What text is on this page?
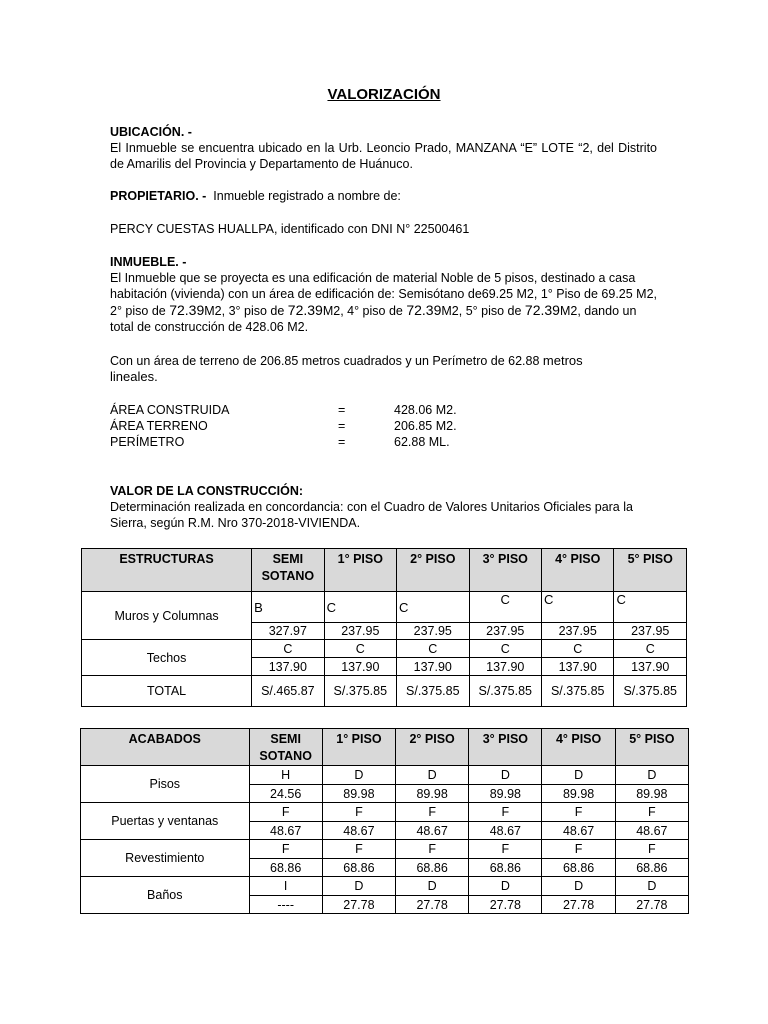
VALORIZACIÓN
UBICACIÓN. -
El Inmueble se encuentra ubicado en la Urb. Leoncio Prado, MANZANA “E” LOTE “2, del Distrito de Amarilis del Provincia y Departamento de Huánuco.
PROPIETARIO. - Inmueble registrado a nombre de:
PERCY CUESTAS HUALLPA, identificado con DNI N° 22500461
INMUEBLE. -
El Inmueble que se proyecta es una edificación de material Noble de 5 pisos, destinado a casa habitación (vivienda) con un área de edificación de: Semisótano de69.25 M2, 1° Piso de 69.25 M2, 2° piso de 72.39M2, 3° piso de 72.39M2, 4° piso de 72.39M2, 5° piso de 72.39M2, dando un total de construcción de 428.06 M2.
Con un área de terreno de 206.85 metros cuadrados y un Perímetro de 62.88 metros lineales.
ÁREA CONSTRUIDA	=	428.06 M2.
ÁREA TERRENO	=	206.85 M2.
PERÍMETRO	=	62.88 ML.
VALOR DE LA CONSTRUCCIÓN:
Determinación realizada en concordancia: con el Cuadro de Valores Unitarios Oficiales para la Sierra, según R.M. Nro 370-2018-VIVIENDA.
ESTRUCTURAS	SEMI SOTANO	1° PISO	2° PISO	3° PISO	4° PISO	5° PISO
Muros y Columnas	B	C	C	C	C	C
	327.97	237.95	237.95	237.95	237.95	237.95
Techos	C	C	C	C	C	C
	137.90	137.90	137.90	137.90	137.90	137.90
TOTAL	S/.465.87	S/.375.85	S/.375.85	S/.375.85	S/.375.85	S/.375.85
ACABADOS	SEMI SOTANO	1° PISO	2° PISO	3° PISO	4° PISO	5° PISO
Pisos	H	D	D	D	D	D
	24.56	89.98	89.98	89.98	89.98	89.98
Puertas y ventanas	F	F	F	F	F	F
	48.67	48.67	48.67	48.67	48.67	48.67
Revestimiento	F	F	F	F	F	F
	68.86	68.86	68.86	68.86	68.86	68.86
Baños	I	D	D	D	D	D
	----	27.78	27.78	27.78	27.78	27.78
